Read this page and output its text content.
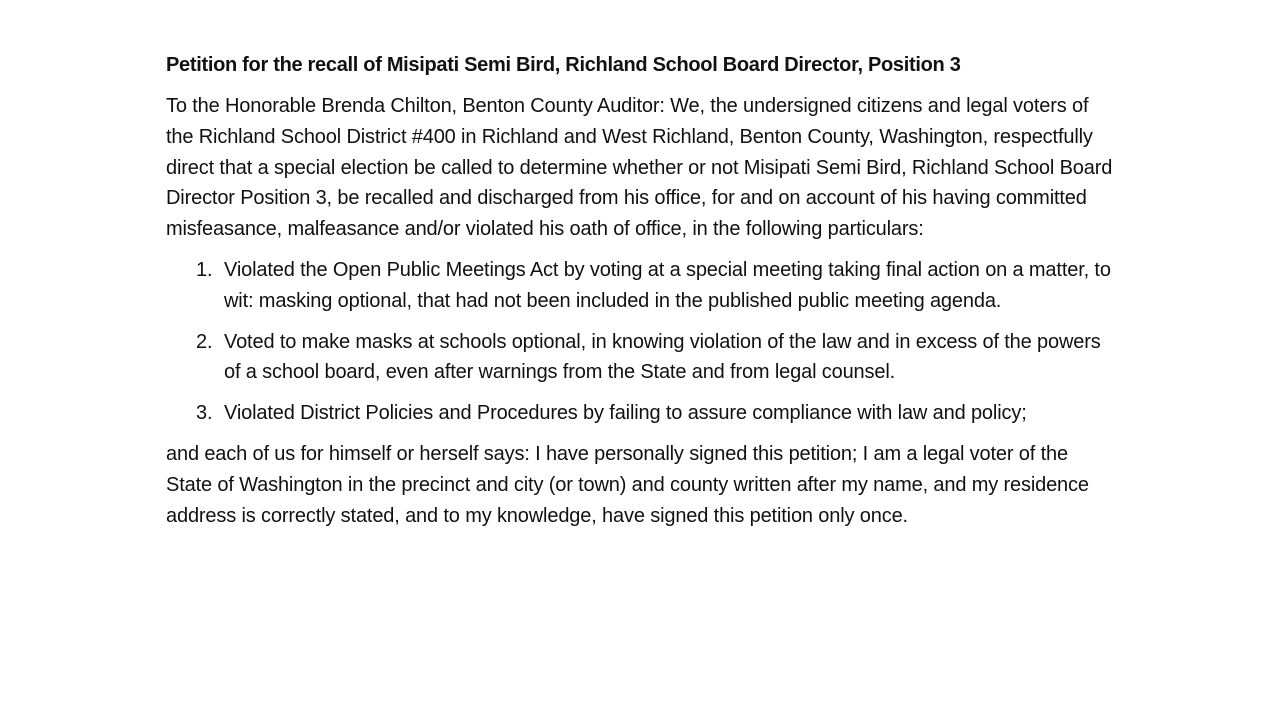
Petition for the recall of Misipati Semi Bird, Richland School Board Director, Position 3

To the Honorable Brenda Chilton, Benton County Auditor: We, the undersigned citizens and legal voters of the Richland School District #400 in Richland and West Richland, Benton County, Washington, respectfully direct that a special election be called to determine whether or not Misipati Semi Bird, Richland School Board Director Position 3, be recalled and discharged from his office, for and on account of his having committed misfeasance, malfeasance and/or violated his oath of office, in the following particulars:

1. Violated the Open Public Meetings Act by voting at a special meeting taking final action on a matter, to wit: masking optional, that had not been included in the published public meeting agenda.
2. Voted to make masks at schools optional, in knowing violation of the law and in excess of the powers of a school board, even after warnings from the State and from legal counsel.
3. Violated District Policies and Procedures by failing to assure compliance with law and policy;

and each of us for himself or herself says: I have personally signed this petition; I am a legal voter of the State of Washington in the precinct and city (or town) and county written after my name, and my residence address is correctly stated, and to my knowledge, have signed this petition only once.
